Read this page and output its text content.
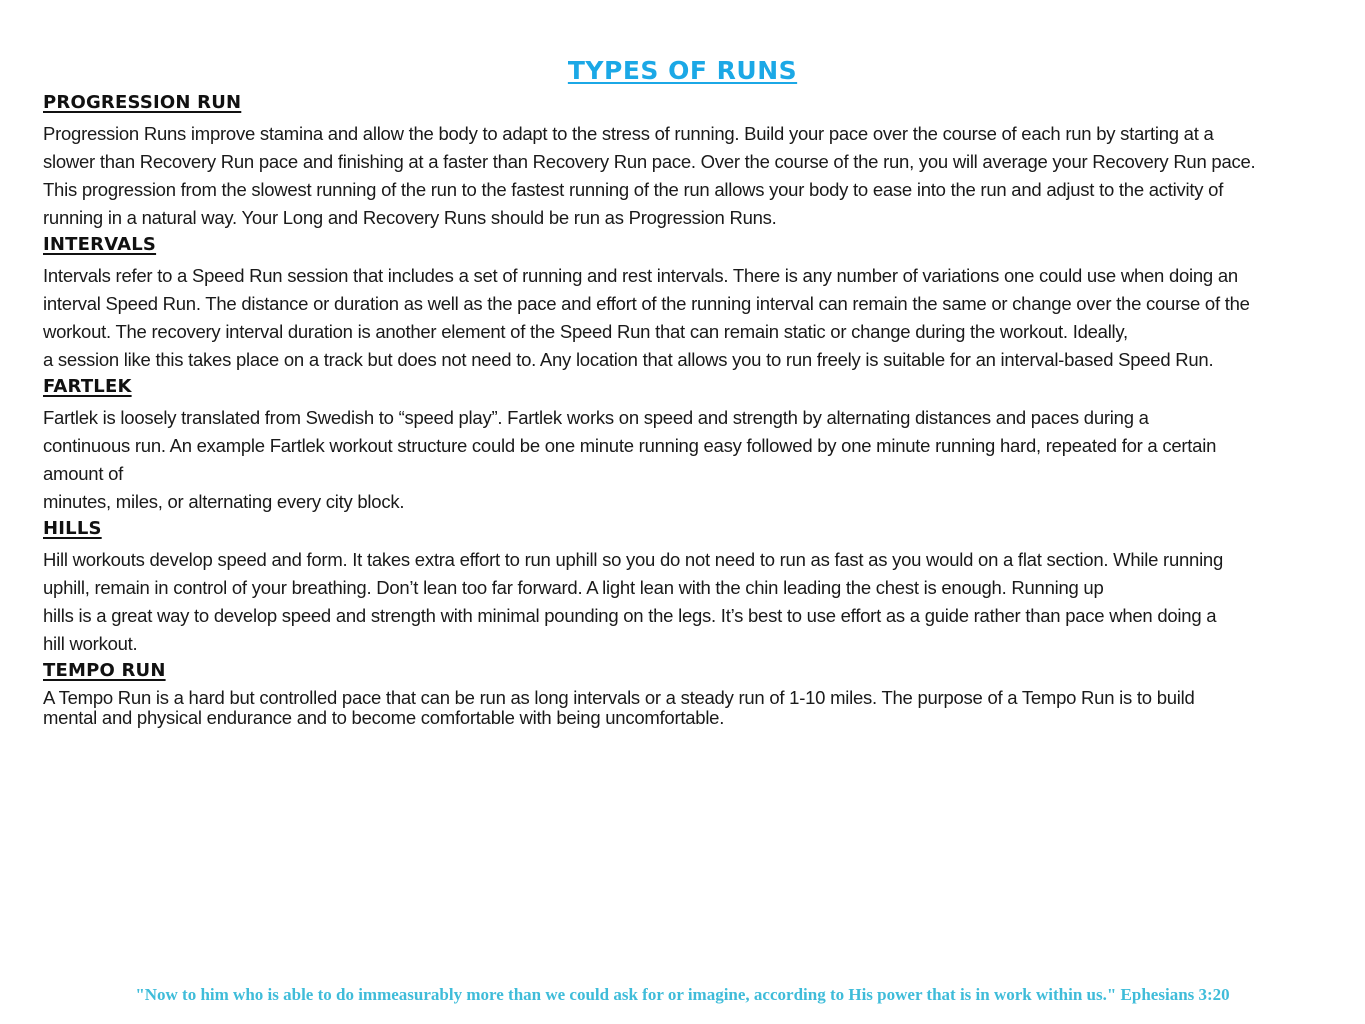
TYPES OF RUNS
PROGRESSION RUN

Progression Runs improve stamina and allow the body to adapt to the stress of running. Build your pace over the course of each run by starting at a
slower than Recovery Run pace and finishing at a faster than Recovery Run pace. Over the course of the run, you will average your Recovery Run pace.
This progression from the slowest running of the run to the fastest running of the run allows your body to ease into the run and adjust to the activity of
running in a natural way. Your Long and Recovery Runs should be run as Progression Runs.

INTERVALS

Intervals refer to a Speed Run session that includes a set of running and rest intervals. There is any number of variations one could use when doing an
interval Speed Run. The distance or duration as well as the pace and effort of the running interval can remain the same or change over the course of the
workout. The recovery interval duration is another element of the Speed Run that can remain static or change during the workout. Ideally,
a session like this takes place on a track but does not need to. Any location that allows you to run freely is suitable for an interval-based Speed Run.

FARTLEK

Fartlek is loosely translated from Swedish to “speed play”. Fartlek works on speed and strength by alternating distances and paces during a
continuous run. An example Fartlek workout structure could be one minute running easy followed by one minute running hard, repeated for a certain
amount of
minutes, miles, or alternating every city block.

HILLS

Hill workouts develop speed and form. It takes extra effort to run uphill so you do not need to run as fast as you would on a flat section. While running
uphill, remain in control of your breathing. Don’t lean too far forward. A light lean with the chin leading the chest is enough. Running up
hills is a great way to develop speed and strength with minimal pounding on the legs. It’s best to use effort as a guide rather than pace when doing a
hill workout.

TEMPO RUN

A Tempo Run is a hard but controlled pace that can be run as long intervals or a steady run of 1-10 miles. The purpose of a Tempo Run is to build
mental and physical endurance and to become comfortable with being uncomfortable.

"Now to him who is able to do immeasurably more than we could ask for or imagine, according to His power that is in work within us." Ephesians 3:20
